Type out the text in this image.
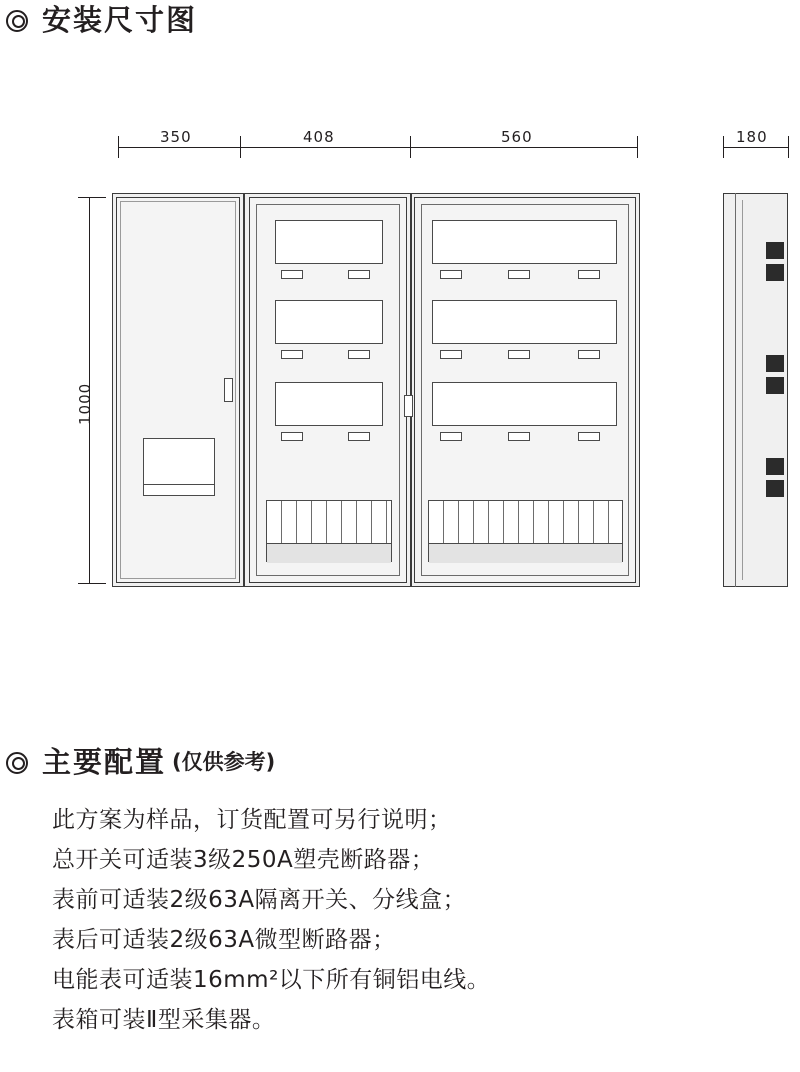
安装尺寸图
350	408	560	180
1000
主要配置 (仅供参考)
此方案为样品，订货配置可另行说明；
总开关可适装3级250A塑壳断路器；
表前可适装2级63A隔离开关、分线盒；
表后可适装2级63A微型断路器；
电能表可适装16mm²以下所有铜铝电线。
表箱可装Ⅱ型采集器。
